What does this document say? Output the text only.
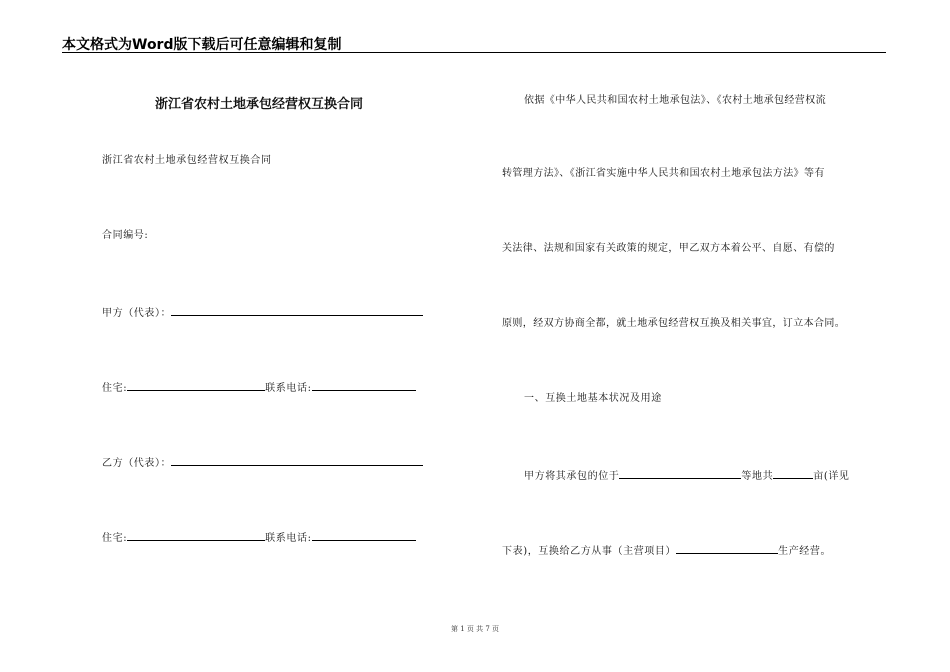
本文格式为Word版下载后可任意编辑和复制
浙江省农村土地承包经营权互换合同
浙江省农村土地承包经营权互换合同
合同编号:
甲方（代表）：
住宅:	联系电话:
乙方（代表）：
住宅:	联系电话:
依据《中华人民共和国农村土地承包法》、《农村土地承包经营权流
转管理方法》、《浙江省实施中华人民共和国农村土地承包法方法》等有
关法律、法规和国家有关政策的规定，甲乙双方本着公平、自愿、有偿的
原则，经双方协商全都，就土地承包经营权互换及相关事宜，订立本合同。
一、互换土地基本状况及用途
甲方将其承包的位于	等地共	亩(详见
下表)，互换给乙方从事（主营项目）	生产经营。
第 1 页 共 7 页
